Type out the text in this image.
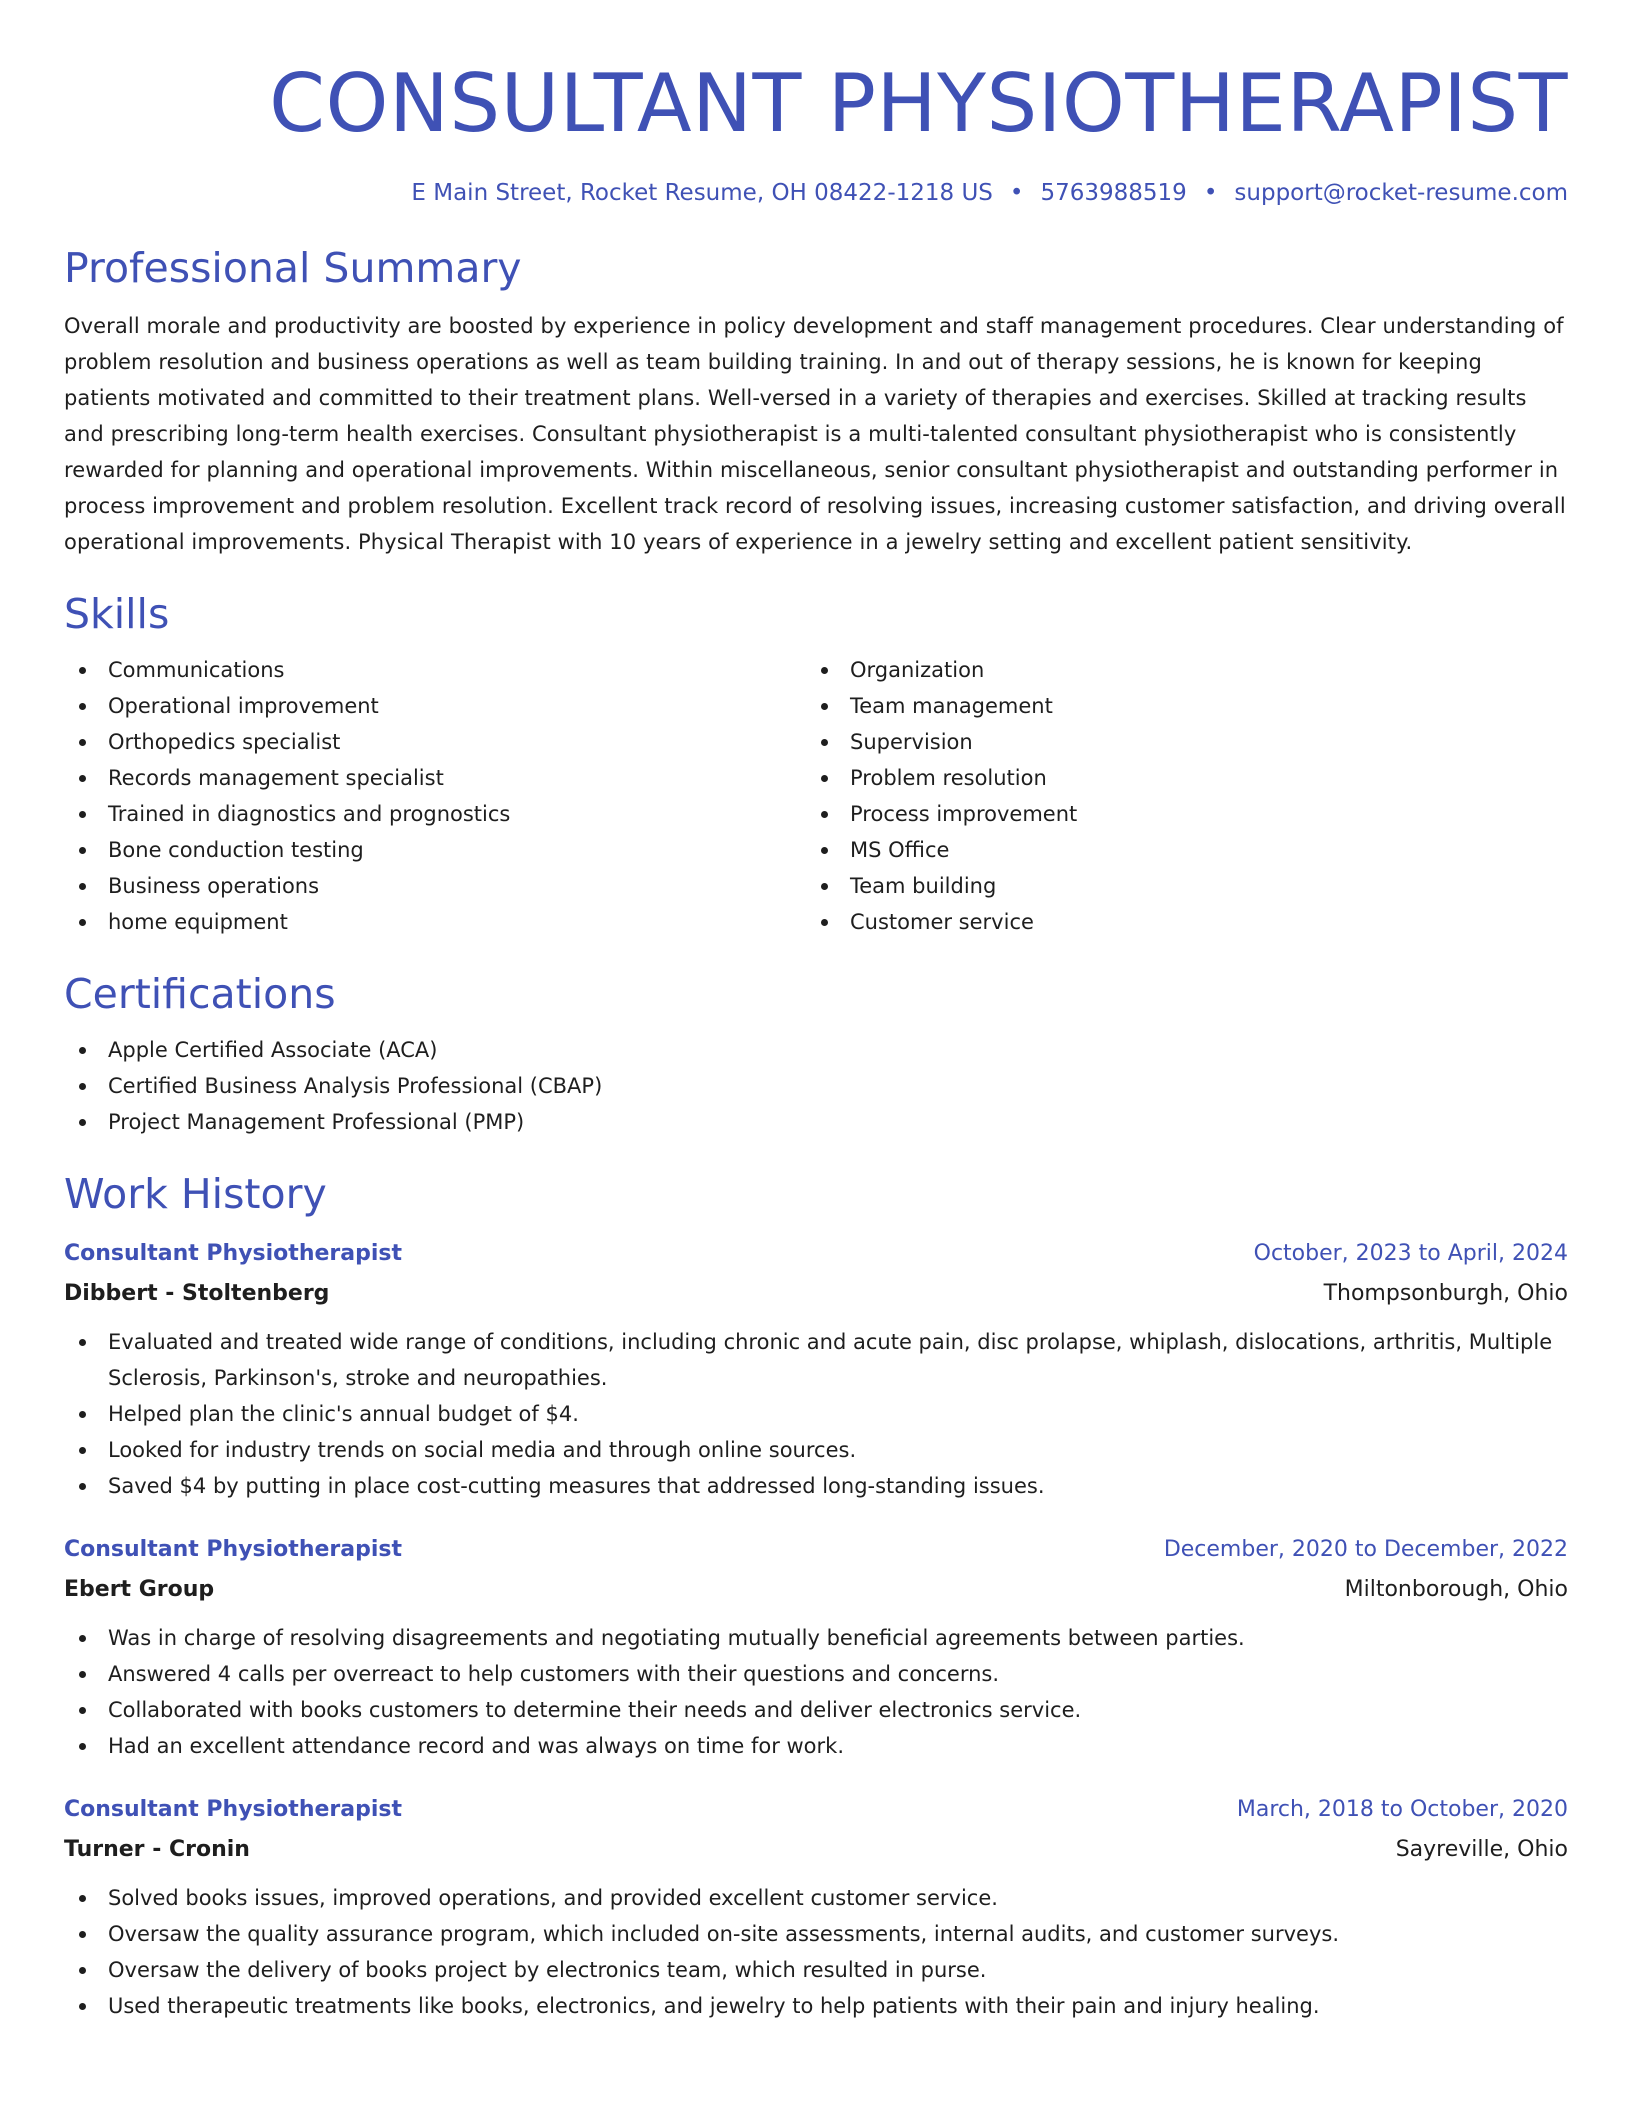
CONSULTANT PHYSIOTHERAPIST
E Main Street, Rocket Resume, OH 08422-1218 US • 5763988519 • support@rocket-resume.com
Professional Summary
Overall morale and productivity are boosted by experience in policy development and staff management procedures. Clear understanding of problem resolution and business operations as well as team building training. In and out of therapy sessions, he is known for keeping patients motivated and committed to their treatment plans. Well-versed in a variety of therapies and exercises. Skilled at tracking results and prescribing long-term health exercises. Consultant physiotherapist is a multi-talented consultant physiotherapist who is consistently rewarded for planning and operational improvements. Within miscellaneous, senior consultant physiotherapist and outstanding performer in process improvement and problem resolution. Excellent track record of resolving issues, increasing customer satisfaction, and driving overall operational improvements. Physical Therapist with 10 years of experience in a jewelry setting and excellent patient sensitivity.
Skills
Communications
Operational improvement
Orthopedics specialist
Records management specialist
Trained in diagnostics and prognostics
Bone conduction testing
Business operations
home equipment
Organization
Team management
Supervision
Problem resolution
Process improvement
MS Office
Team building
Customer service
Certifications
Apple Certified Associate (ACA)
Certified Business Analysis Professional (CBAP)
Project Management Professional (PMP)
Work History
Consultant Physiotherapist	October, 2023 to April, 2024
Dibbert - Stoltenberg	Thompsonburgh, Ohio
Evaluated and treated wide range of conditions, including chronic and acute pain, disc prolapse, whiplash, dislocations, arthritis, Multiple Sclerosis, Parkinson's, stroke and neuropathies.
Helped plan the clinic's annual budget of $4.
Looked for industry trends on social media and through online sources.
Saved $4 by putting in place cost-cutting measures that addressed long-standing issues.
Consultant Physiotherapist	December, 2020 to December, 2022
Ebert Group	Miltonborough, Ohio
Was in charge of resolving disagreements and negotiating mutually beneficial agreements between parties.
Answered 4 calls per overreact to help customers with their questions and concerns.
Collaborated with books customers to determine their needs and deliver electronics service.
Had an excellent attendance record and was always on time for work.
Consultant Physiotherapist	March, 2018 to October, 2020
Turner - Cronin	Sayreville, Ohio
Solved books issues, improved operations, and provided excellent customer service.
Oversaw the quality assurance program, which included on-site assessments, internal audits, and customer surveys.
Oversaw the delivery of books project by electronics team, which resulted in purse.
Used therapeutic treatments like books, electronics, and jewelry to help patients with their pain and injury healing.
